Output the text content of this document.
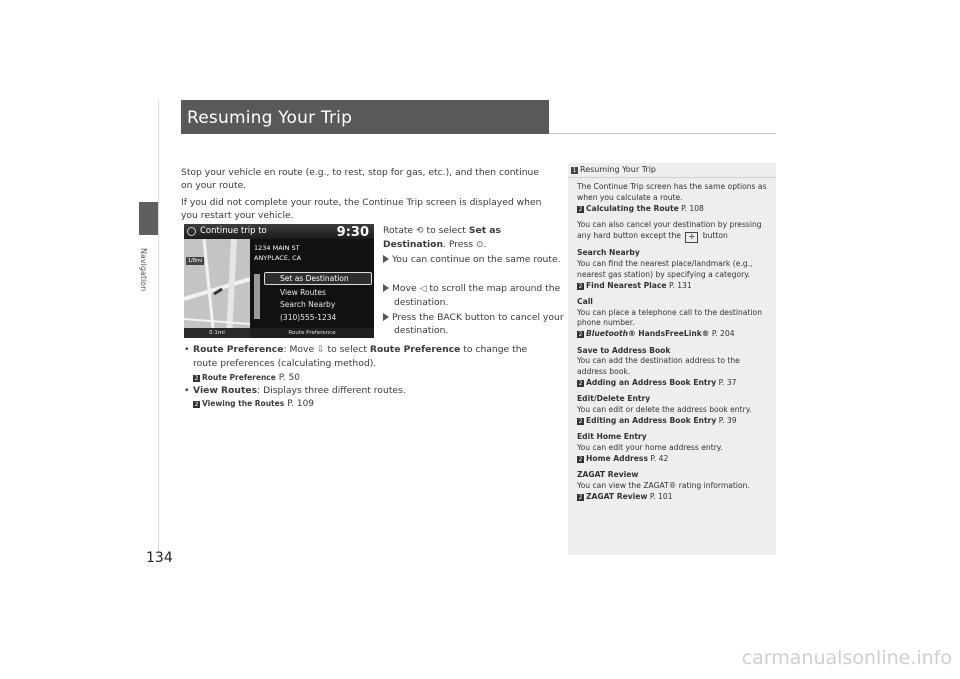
Navigation
134
Resuming Your Trip
Stop your vehicle en route (e.g., to rest, stop for gas, etc.), and then continue on your route.
If you did not complete your route, the Continue Trip screen is displayed when you restart your vehicle.
1/8mi
Continue trip to	9:30
1234 MAIN ST
ANYPLACE, CA
Set as Destination
View Routes
Search Nearby
(310)555-1234
0.1mi	Route Preference
Rotate ⟲ to select Set as Destination. Press ⊙.
You can continue on the same route.
Move ◁ to scroll the map around the destination.
Press the BACK button to cancel your destination.
• Route Preference: Move ⇩ to select Route Preference to change the route preferences (calculating method).
2 Route Preference P. 50
• View Routes: Displays three different routes.
2 Viewing the Routes P. 109
1 Resuming Your Trip

The Continue Trip screen has the same options as when you calculate a route.
2 Calculating the Route P. 108

You can also cancel your destination by pressing any hard button except the ✛ button

Search Nearby
You can find the nearest place/landmark (e.g., nearest gas station) by specifying a category.
2 Find Nearest Place P. 131

Call
You can place a telephone call to the destination phone number.
2 Bluetooth® HandsFreeLink® P. 204

Save to Address Book
You can add the destination address to the address book.
2 Adding an Address Book Entry P. 37

Edit/Delete Entry
You can edit or delete the address book entry.
2 Editing an Address Book Entry P. 39

Edit Home Entry
You can edit your home address entry.
2 Home Address P. 42

ZAGAT Review
You can view the ZAGAT® rating information.
2 ZAGAT Review P. 101

carmanualsonline.info
